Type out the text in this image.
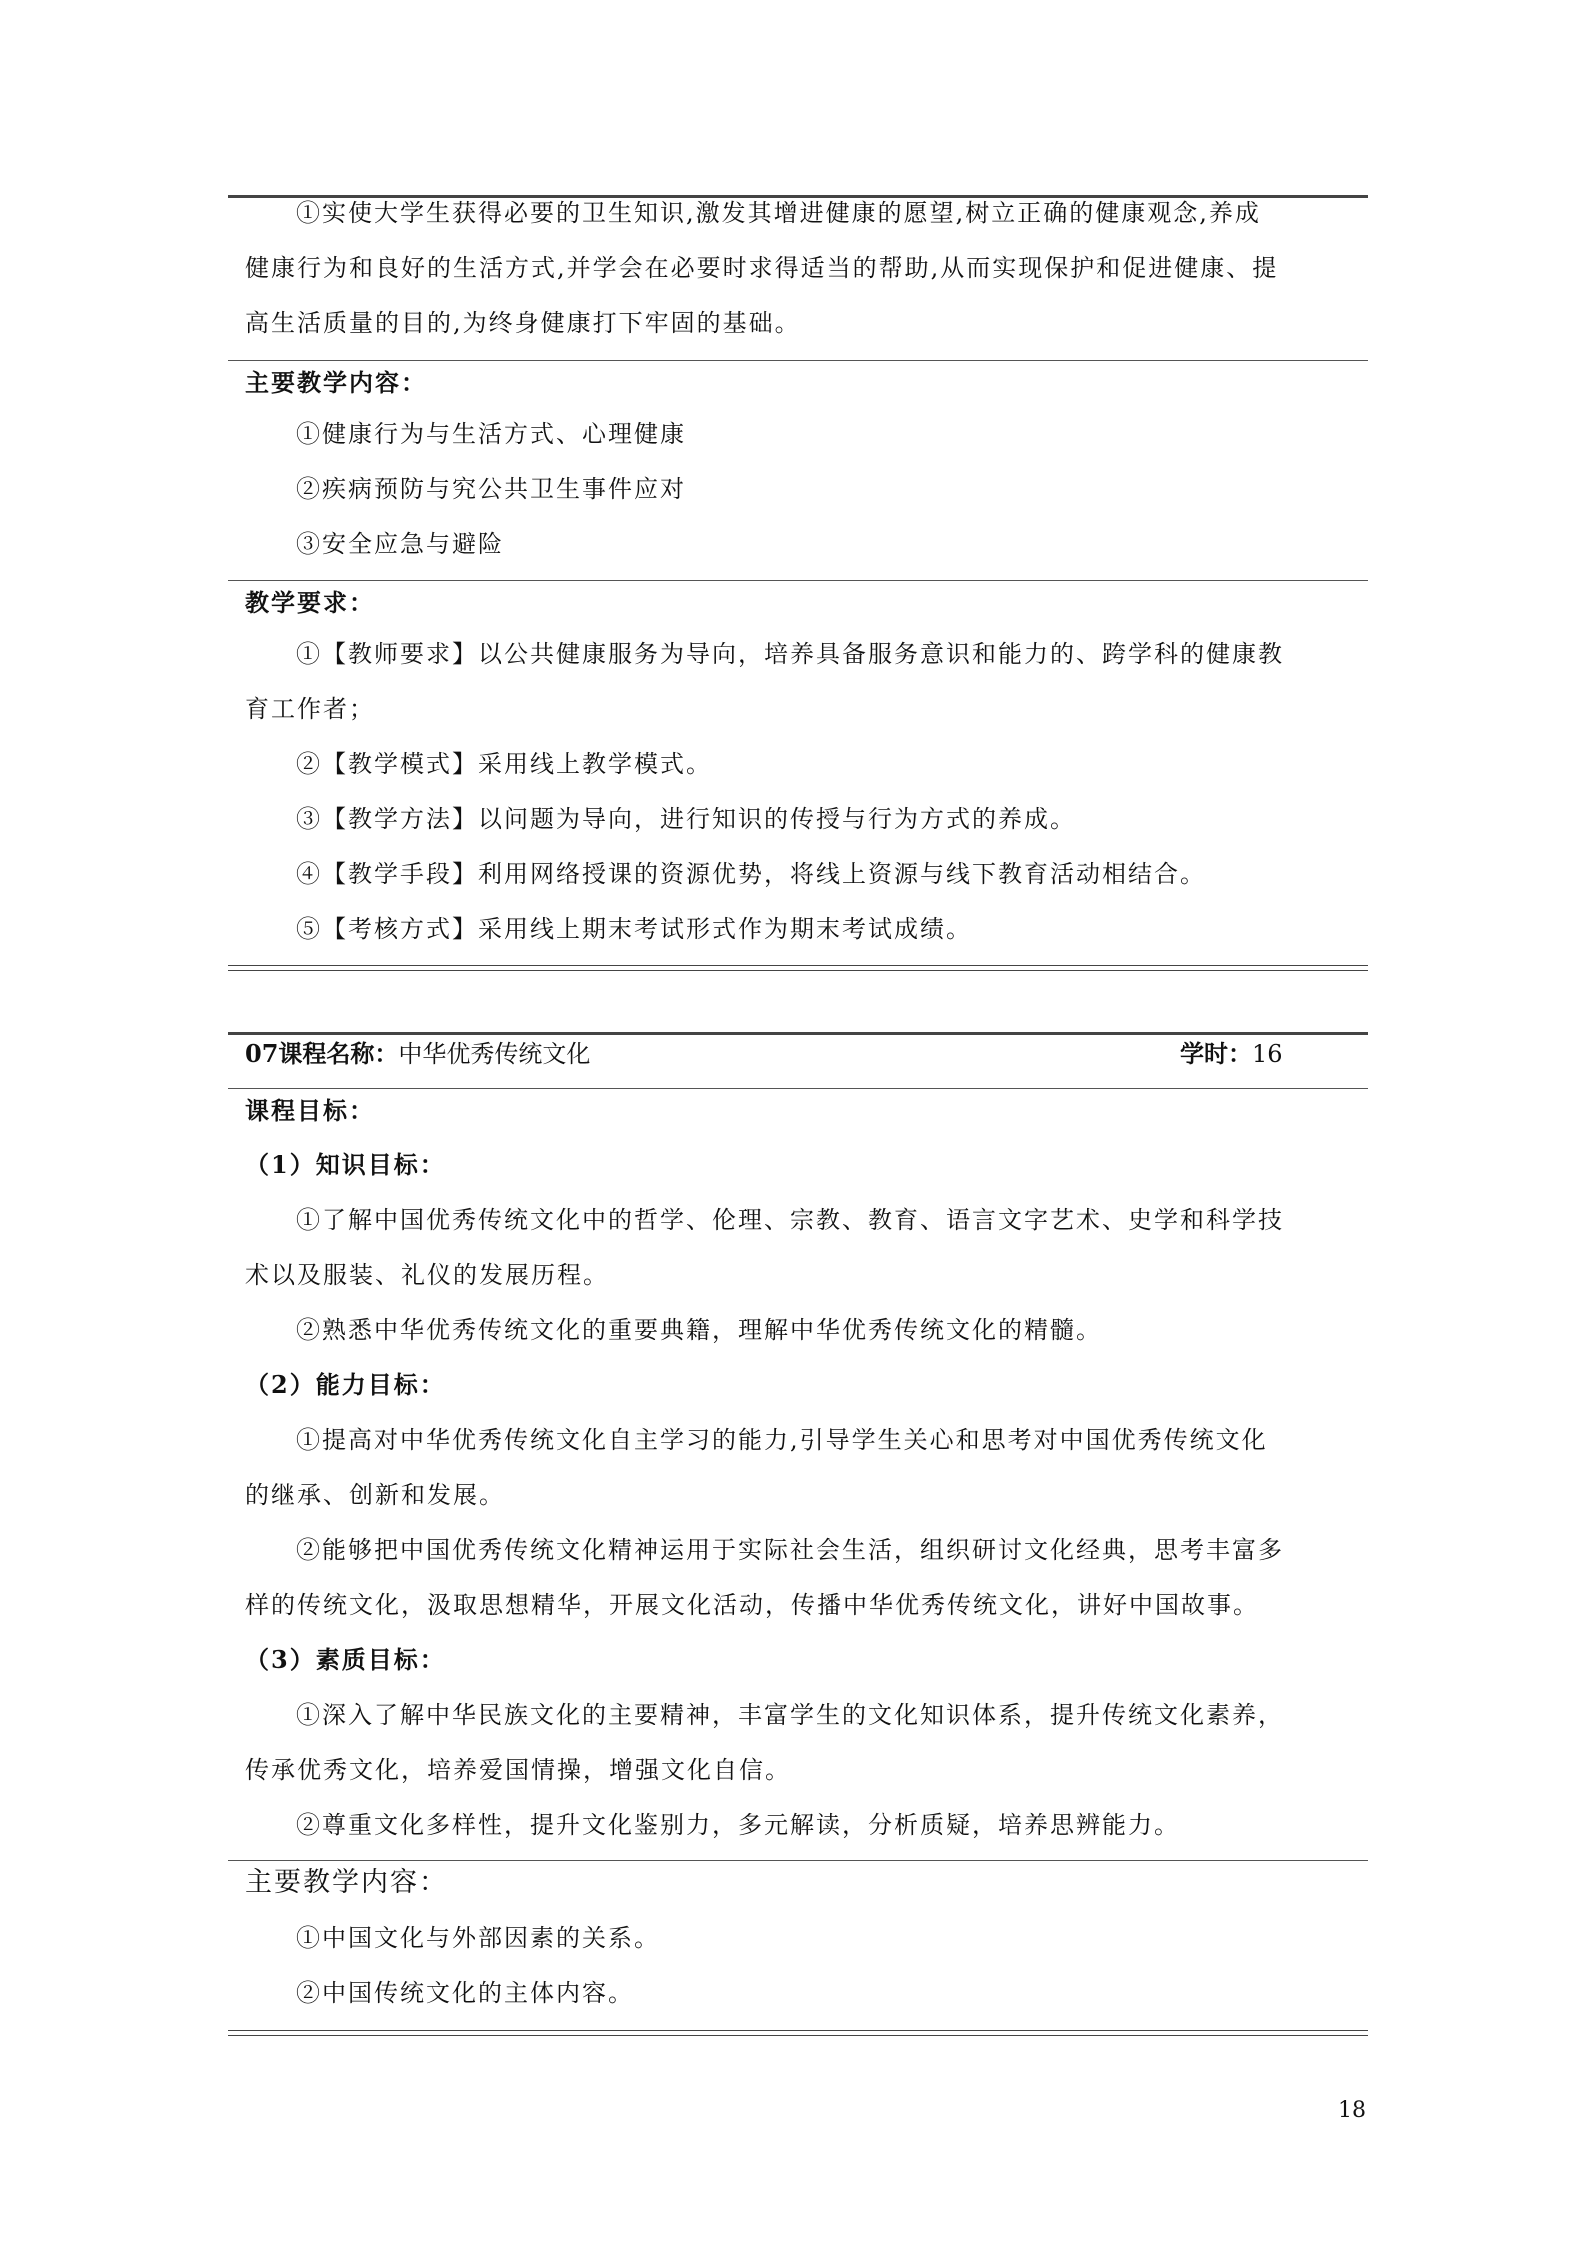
①实使大学生获得必要的卫生知识,激发其增进健康的愿望,树立正确的健康观念,养成
健康行为和良好的生活方式,并学会在必要时求得适当的帮助,从而实现保护和促进健康、提
高生活质量的目的,为终身健康打下牢固的基础。
主要教学内容：
①健康行为与生活方式、心理健康
②疾病预防与究公共卫生事件应对
③安全应急与避险
教学要求：
①【教师要求】以公共健康服务为导向，培养具备服务意识和能力的、跨学科的健康教
育工作者；
②【教学模式】采用线上教学模式。
③【教学方法】以问题为导向，进行知识的传授与行为方式的养成。
④【教学手段】利用网络授课的资源优势，将线上资源与线下教育活动相结合。
⑤【考核方式】采用线上期末考试形式作为期末考试成绩。
07课程名称：中华优秀传统文化	学时：16
课程目标：
（1）知识目标：
①了解中国优秀传统文化中的哲学、伦理、宗教、教育、语言文字艺术、史学和科学技
术以及服装、礼仪的发展历程。
②熟悉中华优秀传统文化的重要典籍，理解中华优秀传统文化的精髓。
（2）能力目标：
①提高对中华优秀传统文化自主学习的能力,引导学生关心和思考对中国优秀传统文化
的继承、创新和发展。
②能够把中国优秀传统文化精神运用于实际社会生活，组织研讨文化经典，思考丰富多
样的传统文化，汲取思想精华，开展文化活动，传播中华优秀传统文化，讲好中国故事。
（3）素质目标：
①深入了解中华民族文化的主要精神，丰富学生的文化知识体系，提升传统文化素养，
传承优秀文化，培养爱国情操，增强文化自信。
②尊重文化多样性，提升文化鉴别力，多元解读，分析质疑，培养思辨能力。
主要教学内容：
①中国文化与外部因素的关系。
②中国传统文化的主体内容。
18
